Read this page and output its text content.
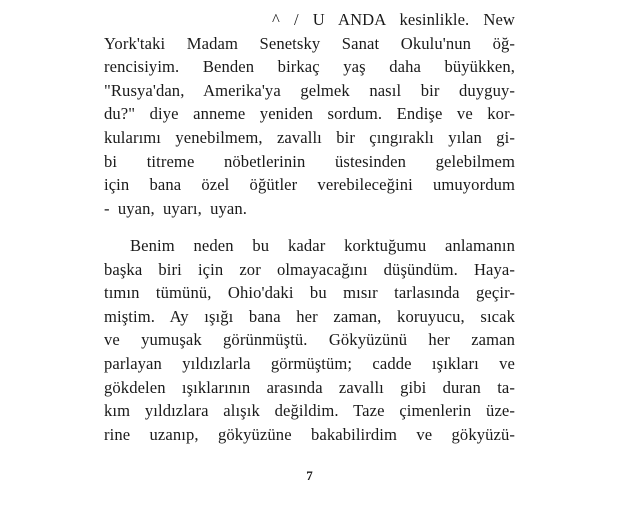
^ / U ANDA kesinlikle. New
York'taki Madam Senetsky Sanat Okulu'nun öğ-
rencisiyim. Benden birkaç yaş daha büyükken,
"Rusya'dan, Amerika'ya gelmek nasıl bir duyguy-
du?" diye anneme yeniden sordum. Endişe ve kor-
kularımı yenebilmem, zavallı bir çıngıraklı yılan gi-
bi titreme nöbetlerinin üstesinden gelebilmem
için bana özel öğütler verebileceğini umuyordum
- uyan, uyarı, uyan.
Benim neden bu kadar korktuğumu anlamanın
başka biri için zor olmayacağını düşündüm. Haya-
tımın tümünü, Ohio'daki bu mısır tarlasında geçir-
miştim. Ay ışığı bana her zaman, koruyucu, sıcak
ve yumuşak görünmüştü. Gökyüzünü her zaman
parlayan yıldızlarla görmüştüm; cadde ışıkları ve
gökdelen ışıklarının arasında zavallı gibi duran ta-
kım yıldızlara alışık değildim. Taze çimenlerin üze-
rine uzanıp, gökyüzüne bakabilirdim ve gökyüzü-
7
